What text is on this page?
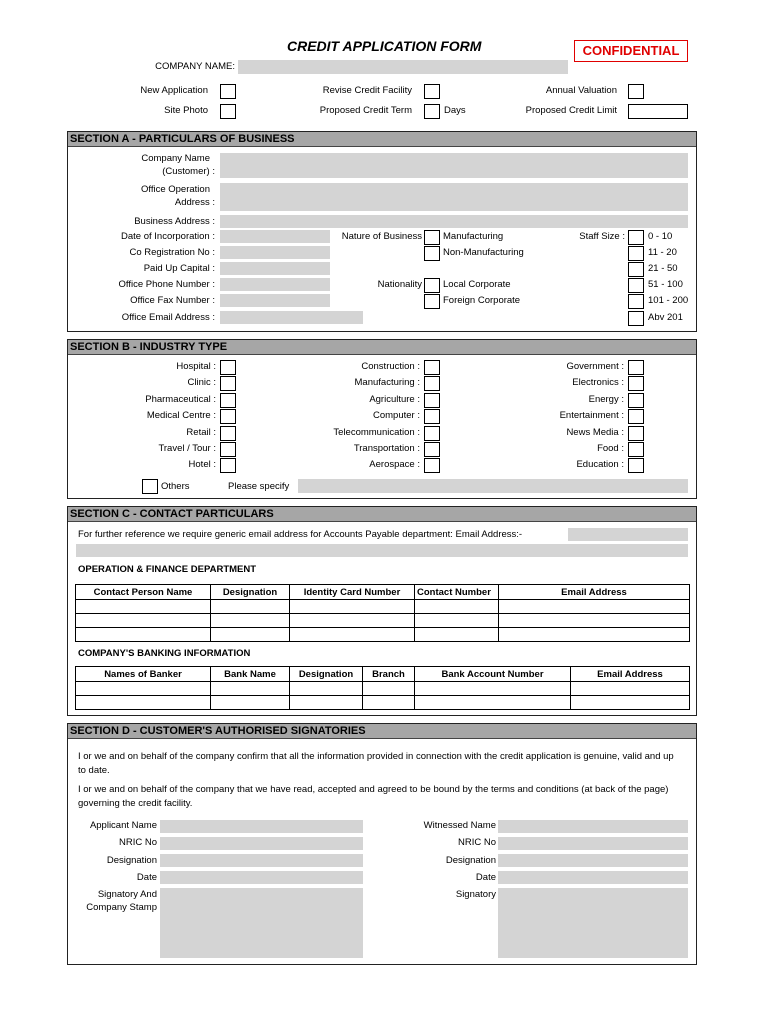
CREDIT APPLICATION FORM	CONFIDENTIAL
COMPANY NAME:
New Application
Site Photo
Revise Credit Facility
Proposed Credit Term	Days
Annual Valuation
Proposed Credit Limit
SECTION A - PARTICULARS OF BUSINESS
Company Name
(Customer) :
Office Operation
Address :
Business Address :
Date of Incorporation :
Co Registration No :
Paid Up Capital :
Office Phone Number :
Office Fax Number :
Office Email Address :
Nature of Business Manufacturing
Non-Manufacturing
Nationality Local Corporate
Foreign Corporate
Staff Size : 0 - 10
11 - 20
21 - 50
51 - 100
101 - 200
Abv 201
SECTION B - INDUSTRY TYPE
Hospital :
Clinic :
Pharmaceutical :
Medical Centre :
Retail :
Travel / Tour :
Hotel :
Construction :
Manufacturing :
Agriculture :
Computer :
Telecommunication :
Transportation :
Aerospace :
Government :
Electronics :
Energy :
Entertainment :
News Media :
Food :
Education :
Others	Please specify
SECTION C - CONTACT PARTICULARS
For further reference we require generic email address for Accounts Payable department: Email Address:-
OPERATION & FINANCE DEPARTMENT
Contact Person Name	Designation	Identity Card Number	Contact Number	Email Address

COMPANY'S BANKING INFORMATION
Names of Banker	Bank Name	Designation	Branch	Bank Account Number	Email Address

SECTION D - CUSTOMER'S AUTHORISED SIGNATORIES
I or we and on behalf of the company confirm that all the information provided in connection with the credit application is genuine, valid and up to date.
I or we and on behalf of the company that we have read, accepted and agreed to be bound by the terms and conditions (at back of the page) governing the credit facility.
Applicant Name
NRIC No
Designation
Date
Signatory And
Company Stamp
Witnessed Name
NRIC No
Designation
Date
Signatory
